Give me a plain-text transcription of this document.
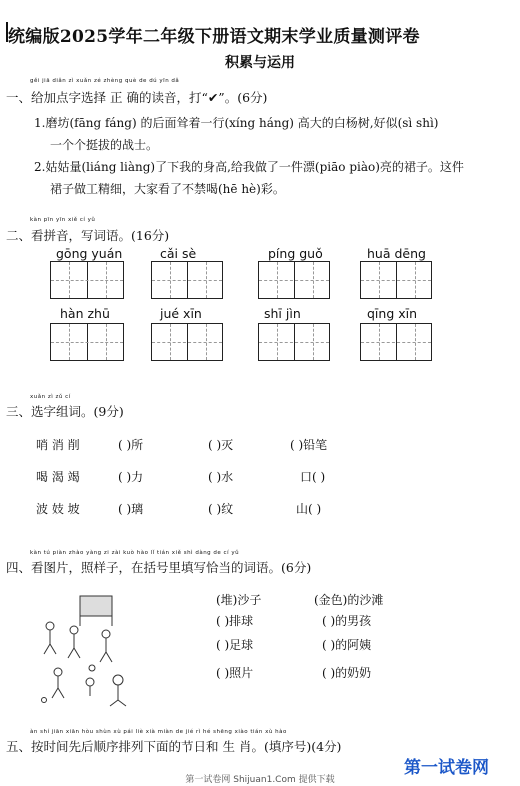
统编版2025学年二年级下册语文期末学业质量测评卷
积累与运用
gěi jiā diǎn zì xuǎn zé zhèng què de dú yīn dǎ
一、给加点字选择 正 确的读音，打“✔”。(6分)
1.磨坊(fāng fáng) 的后面耸着一行(xíng háng) 高大的白杨树,好似(sì shì)
一个个挺拔的战士。
2.姑姑量(liáng liàng)了下我的身高,给我做了一件漂(piāo piào)亮的裙子。这件
裙子做工精细，大家看了不禁喝(hē hè)彩。
kàn pīn yīn xiě cí yǔ
二、看拼音，写词语。(16分)
gōng yuán	cǎi sè	píng guǒ	huā dēng
hàn zhū	jué xīn	shī jìn	qīng xīn
xuǎn zì zǔ cí
三、选字组词。(9分)
哨 消 削	( )所	( )灭	( )铅笔
喝 渴 竭	( )力	( )水	口( )
波 妓 坡	( )璃	( )纹	山( )
kàn tú piàn zhào yàng zi zài kuò hào lǐ tián xiě shì dàng de cí yǔ
四、看图片，照样子，在括号里填写恰当的词语。(6分)
(堆)沙子	(金色)的沙滩
( )排球	( )的男孩
( )足球	( )的阿姨
( )照片	( )的奶奶
àn shí jiān xiān hòu shùn xù pái liè xià miàn de jié rì hé shēng xiào tián xù hào
五、按时间先后顺序排列下面的节日和 生 肖。(填序号)(4分)
第一试卷网
第一试卷网 Shijuan1.Com 提供下载
